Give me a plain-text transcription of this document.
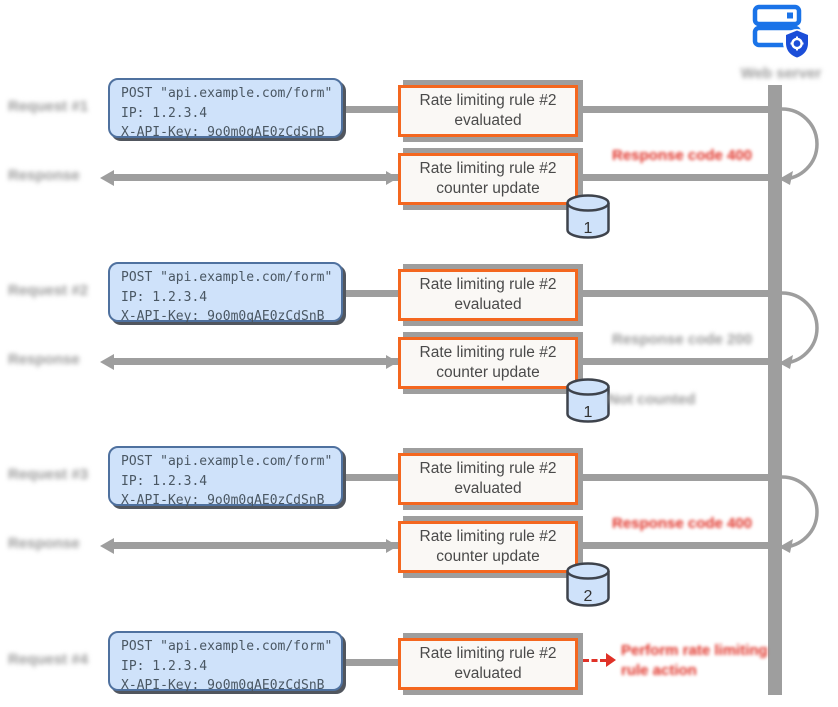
Web server
Request #1
POST "api.example.com/form"
IP: 1.2.3.4
X-API-Key: 9o0m0qAE0zCdSnB
Rate limiting rule #2 evaluated
Response	Rate limiting rule #2 counter update
Response code 400
1
Request #2
POST "api.example.com/form"
IP: 1.2.3.4
X-API-Key: 9o0m0qAE0zCdSnB
Rate limiting rule #2 evaluated
Response	Rate limiting rule #2 counter update
Response code 200
Not counted
1
Request #3
POST "api.example.com/form"
IP: 1.2.3.4
X-API-Key: 9o0m0qAE0zCdSnB
Rate limiting rule #2 evaluated
Response	Rate limiting rule #2 counter update
Response code 400
2
Request #4
POST "api.example.com/form"
IP: 1.2.3.4
X-API-Key: 9o0m0qAE0zCdSnB
Rate limiting rule #2 evaluated
Perform rate limiting rule action
